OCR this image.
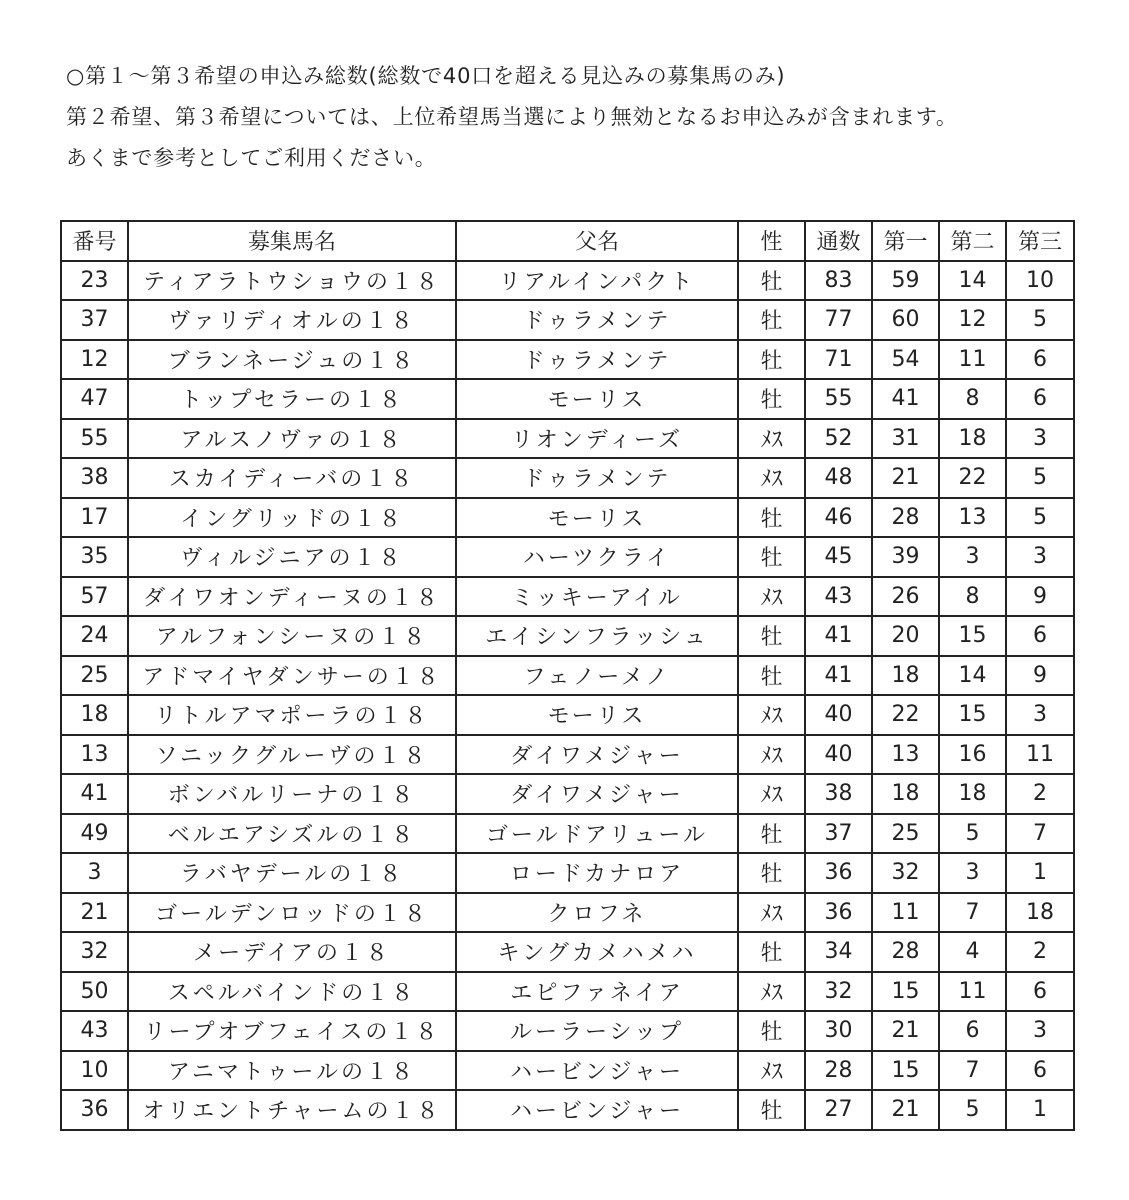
○第１～第３希望の申込み総数(総数で40口を超える見込みの募集馬のみ)
第２希望、第３希望については、上位希望馬当選により無効となるお申込みが含まれます。
あくまで参考としてご利用ください。
番号	募集馬名	父名	性	通数	第一	第二	第三
23	ティアラトウショウの１８	リアルインパクト	牡	83	59	14	10
37	ヴァリディオルの１８	ドゥラメンテ	牡	77	60	12	5
12	ブランネージュの１８	ドゥラメンテ	牡	71	54	11	6
47	トップセラーの１８	モーリス	牡	55	41	8	6
55	アルスノヴァの１８	リオンディーズ	ﾒｽ	52	31	18	3
38	スカイディーバの１８	ドゥラメンテ	ﾒｽ	48	21	22	5
17	イングリッドの１８	モーリス	牡	46	28	13	5
35	ヴィルジニアの１８	ハーツクライ	牡	45	39	3	3
57	ダイワオンディーヌの１８	ミッキーアイル	ﾒｽ	43	26	8	9
24	アルフォンシーヌの１８	エイシンフラッシュ	牡	41	20	15	6
25	アドマイヤダンサーの１８	フェノーメノ	牡	41	18	14	9
18	リトルアマポーラの１８	モーリス	ﾒｽ	40	22	15	3
13	ソニックグルーヴの１８	ダイワメジャー	ﾒｽ	40	13	16	11
41	ボンバルリーナの１８	ダイワメジャー	ﾒｽ	38	18	18	2
49	ベルエアシズルの１８	ゴールドアリュール	牡	37	25	5	7
3	ラバヤデールの１８	ロードカナロア	牡	36	32	3	1
21	ゴールデンロッドの１８	クロフネ	ﾒｽ	36	11	7	18
32	メーデイアの１８	キングカメハメハ	牡	34	28	4	2
50	スペルバインドの１８	エピファネイア	ﾒｽ	32	15	11	6
43	リープオブフェイスの１８	ルーラーシップ	牡	30	21	6	3
10	アニマトゥールの１８	ハービンジャー	ﾒｽ	28	15	7	6
36	オリエントチャームの１８	ハービンジャー	牡	27	21	5	1
